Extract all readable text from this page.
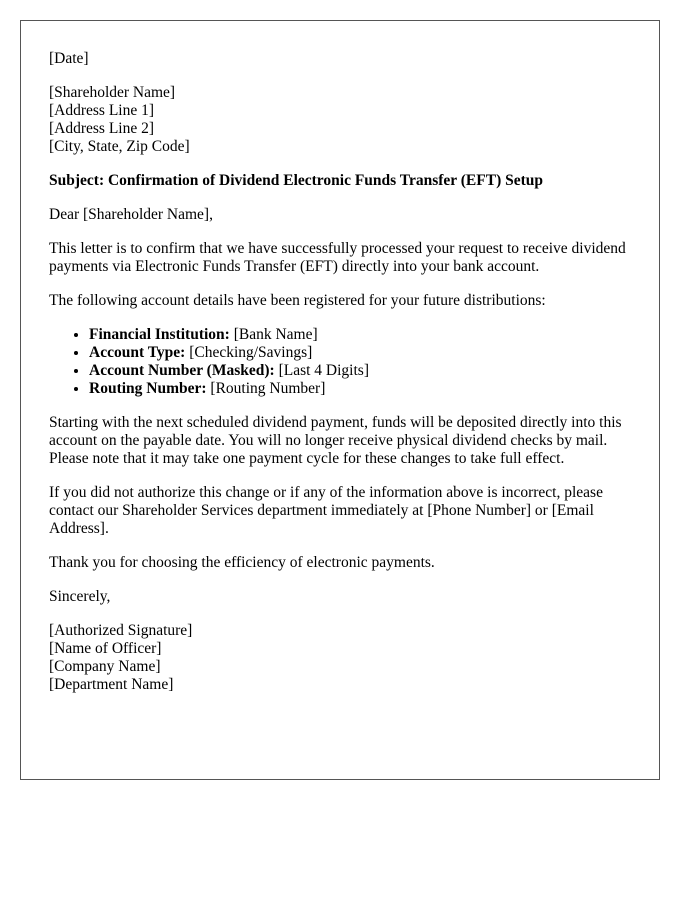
[Date]

[Shareholder Name]
[Address Line 1]
[Address Line 2]
[City, State, Zip Code]

Subject: Confirmation of Dividend Electronic Funds Transfer (EFT) Setup

Dear [Shareholder Name],

This letter is to confirm that we have successfully processed your request to receive dividend payments via Electronic Funds Transfer (EFT) directly into your bank account.

The following account details have been registered for your future distributions:

• Financial Institution: [Bank Name]
• Account Type: [Checking/Savings]
• Account Number (Masked): [Last 4 Digits]
• Routing Number: [Routing Number]

Starting with the next scheduled dividend payment, funds will be deposited directly into this account on the payable date. You will no longer receive physical dividend checks by mail. Please note that it may take one payment cycle for these changes to take full effect.

If you did not authorize this change or if any of the information above is incorrect, please contact our Shareholder Services department immediately at [Phone Number] or [Email Address].

Thank you for choosing the efficiency of electronic payments.

Sincerely,

[Authorized Signature]
[Name of Officer]
[Company Name]
[Department Name]
